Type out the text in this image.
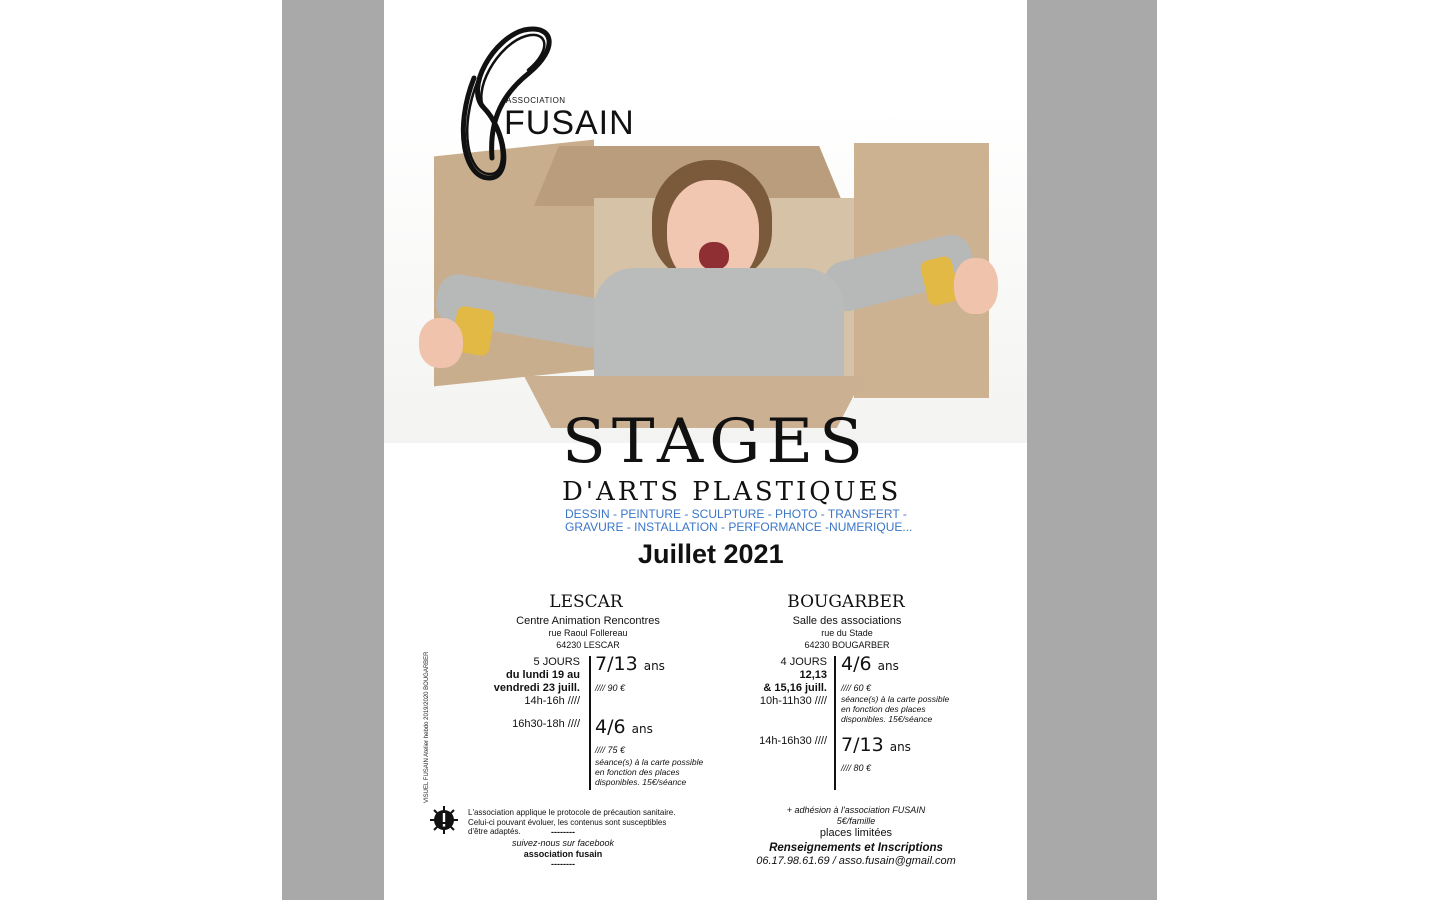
ASSOCIATION
FUSAIN
STAGES
D'ARTS PLASTIQUES
DESSIN - PEINTURE - SCULPTURE - PHOTO - TRANSFERT -
GRAVURE - INSTALLATION - PERFORMANCE -NUMERIQUE...
Juillet 2021
VISUEL FUSAIN Atelier hebdo 2019/2020 BOUGARBER
LESCAR
Centre Animation Rencontres
rue Raoul Follereau
64230 LESCAR
5 JOURS
du lundi 19 au
vendredi 23 juill.
14h-16h ////
16h30-18h ////
7/13 ans
//// 90 €
4/6 ans
//// 75 €
séance(s) à la carte possible
en fonction des places
disponibles. 15€/séance
BOUGARBER
Salle des associations
rue du Stade
64230 BOUGARBER
4 JOURS
12,13
& 15,16 juill.
10h-11h30 ////
14h-16h30 ////
4/6 ans
//// 60 €
séance(s) à la carte possible
en fonction des places
disponibles. 15€/séance
7/13 ans
//// 80 €
L'association applique le protocole de précaution sanitaire.
Celui-ci pouvant évoluer, les contenus sont susceptibles
d'être adaptés.	--------
suivez-nous sur facebook
association fusain
--------
+ adhésion à l'association FUSAIN
5€/famille
places limitées
Renseignements et Inscriptions
06.17.98.61.69 / asso.fusain@gmail.com
